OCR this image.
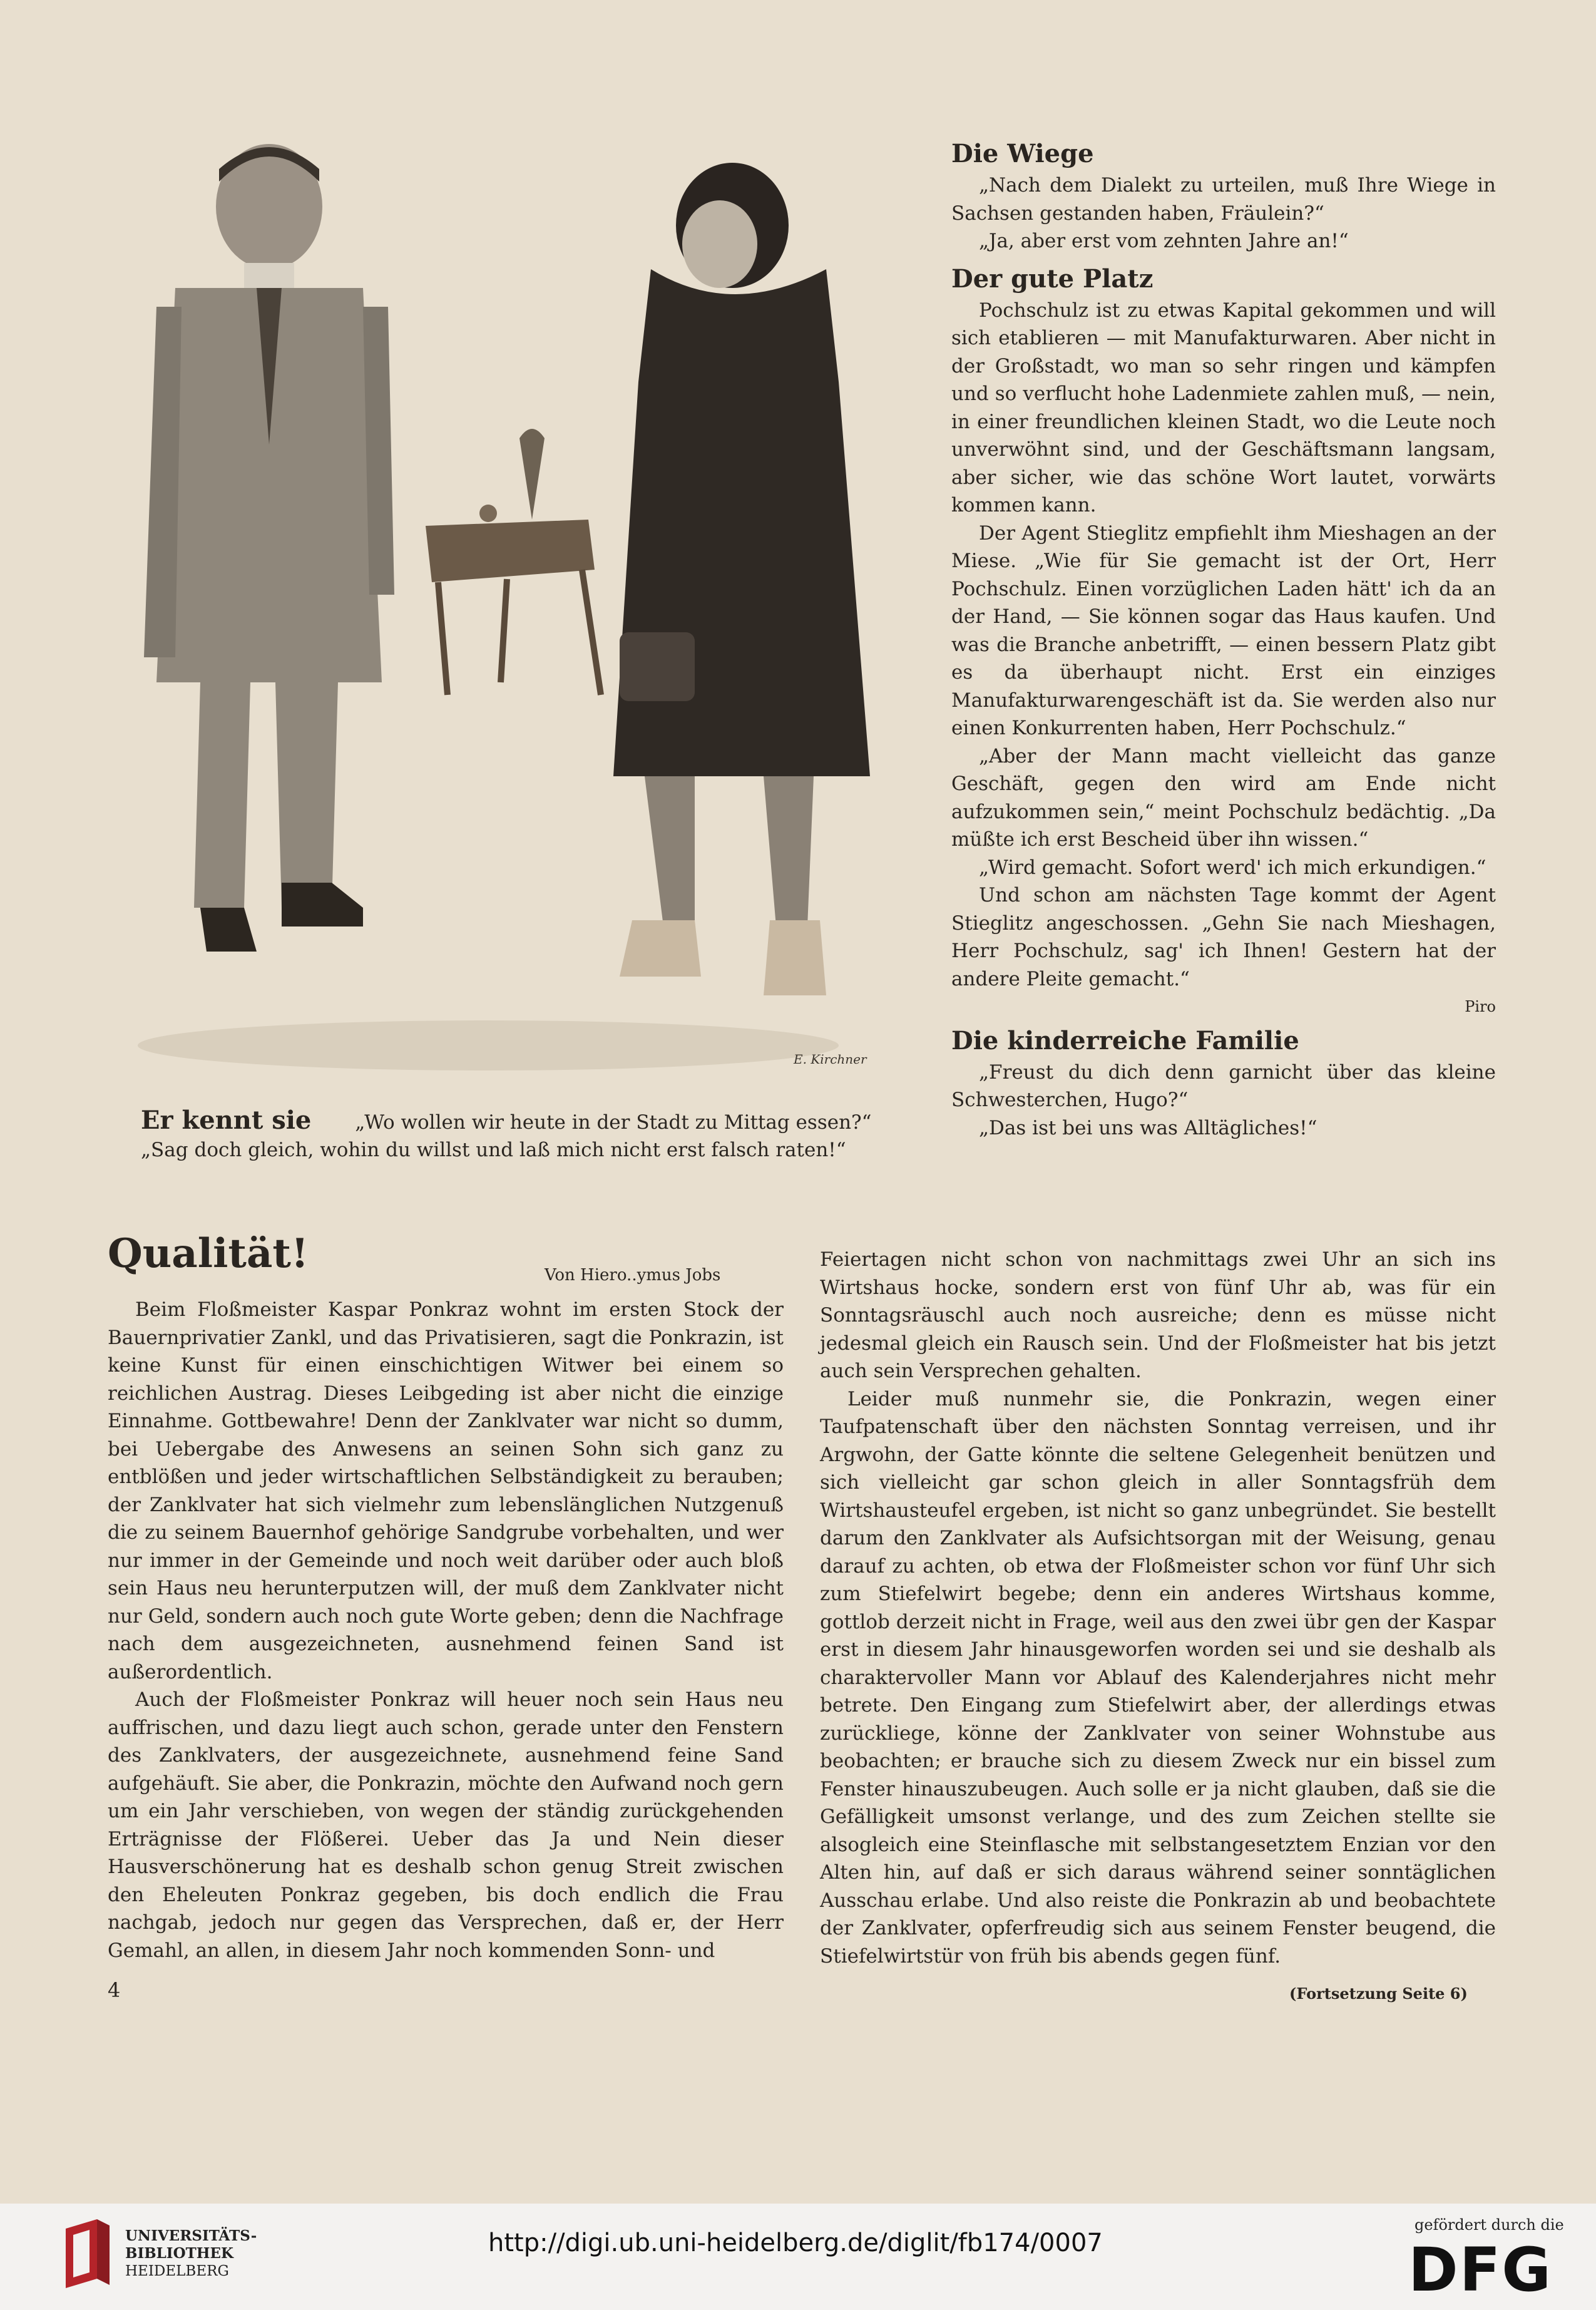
E. Kirchner
Er kennt sie „Wo wollen wir heute in der Stadt zu Mittag essen?“
„Sag doch gleich, wohin du willst und laß mich nicht erst falsch raten!“

Die Wiege

„Nach dem Dialekt zu urteilen, muß Ihre Wiege in Sachsen gestanden haben, Fräulein?“

„Ja, aber erst vom zehnten Jahre an!“

Der gute Platz

Pochschulz ist zu etwas Kapital gekommen und will sich etablieren — mit Manufakturwaren. Aber nicht in der Großstadt, wo man so sehr ringen und kämpfen und so verflucht hohe Ladenmiete zahlen muß, — nein, in einer freundlichen kleinen Stadt, wo die Leute noch unverwöhnt sind, und der Geschäftsmann langsam, aber sicher, wie das schöne Wort lautet, vorwärts kommen kann.

Der Agent Stieglitz empfiehlt ihm Mieshagen an der Miese. „Wie für Sie gemacht ist der Ort, Herr Pochschulz. Einen vorzüglichen Laden hätt' ich da an der Hand, — Sie können sogar das Haus kaufen. Und was die Branche anbetrifft, — einen bessern Platz gibt es da überhaupt nicht. Erst ein einziges Manufakturwarengeschäft ist da. Sie werden also nur einen Konkurrenten haben, Herr Pochschulz.“

„Aber der Mann macht vielleicht das ganze Geschäft, gegen den wird am Ende nicht aufzukommen sein,“ meint Pochschulz bedächtig. „Da müßte ich erst Bescheid über ihn wissen.“

„Wird gemacht. Sofort werd' ich mich erkundigen.“

Und schon am nächsten Tage kommt der Agent Stieglitz angeschossen. „Gehn Sie nach Mieshagen, Herr Pochschulz, sag' ich Ihnen! Gestern hat der andere Pleite gemacht.“

Piro

Die kinderreiche Familie

„Freust du dich denn garnicht über das kleine Schwesterchen, Hugo?“

„Das ist bei uns was Alltägliches!“

Qualität!	Von Hiero..ymus Jobs

Beim Floßmeister Kaspar Ponkraz wohnt im ersten Stock der Bauernprivatier Zankl, und das Privatisieren, sagt die Ponkrazin, ist keine Kunst für einen einschichtigen Witwer bei einem so reichlichen Austrag. Dieses Leibgeding ist aber nicht die einzige Einnahme. Gottbewahre! Denn der Zanklvater war nicht so dumm, bei Uebergabe des Anwesens an seinen Sohn sich ganz zu entblößen und jeder wirtschaftlichen Selbständigkeit zu berauben; der Zanklvater hat sich vielmehr zum lebenslänglichen Nutzgenuß die zu seinem Bauernhof gehörige Sandgrube vorbehalten, und wer nur immer in der Gemeinde und noch weit darüber oder auch bloß sein Haus neu herunterputzen will, der muß dem Zanklvater nicht nur Geld, sondern auch noch gute Worte geben; denn die Nachfrage nach dem ausgezeichneten, ausnehmend feinen Sand ist außerordentlich.

Auch der Floßmeister Ponkraz will heuer noch sein Haus neu auffrischen, und dazu liegt auch schon, gerade unter den Fenstern des Zanklvaters, der ausgezeichnete, ausnehmend feine Sand aufgehäuft. Sie aber, die Ponkrazin, möchte den Aufwand noch gern um ein Jahr verschieben, von wegen der ständig zurückgehenden Erträgnisse der Flößerei. Ueber das Ja und Nein dieser Hausverschönerung hat es deshalb schon genug Streit zwischen den Eheleuten Ponkraz gegeben, bis doch endlich die Frau nachgab, jedoch nur gegen das Versprechen, daß er, der Herr Gemahl, an allen, in diesem Jahr noch kommenden Sonn- und

Feiertagen nicht schon von nachmittags zwei Uhr an sich ins Wirtshaus hocke, sondern erst von fünf Uhr ab, was für ein Sonntagsräuschl auch noch ausreiche; denn es müsse nicht jedesmal gleich ein Rausch sein. Und der Floßmeister hat bis jetzt auch sein Versprechen gehalten.

Leider muß nunmehr sie, die Ponkrazin, wegen einer Taufpatenschaft über den nächsten Sonntag verreisen, und ihr Argwohn, der Gatte könnte die seltene Gelegenheit benützen und sich vielleicht gar schon gleich in aller Sonntagsfrüh dem Wirtshausteufel ergeben, ist nicht so ganz unbegründet. Sie bestellt darum den Zanklvater als Aufsichtsorgan mit der Weisung, genau darauf zu achten, ob etwa der Floßmeister schon vor fünf Uhr sich zum Stiefelwirt begebe; denn ein anderes Wirtshaus komme, gottlob derzeit nicht in Frage, weil aus den zwei übr gen der Kaspar erst in diesem Jahr hinausgeworfen worden sei und sie deshalb als charaktervoller Mann vor Ablauf des Kalenderjahres nicht mehr betrete. Den Eingang zum Stiefelwirt aber, der allerdings etwas zurückliege, könne der Zanklvater von seiner Wohnstube aus beobachten; er brauche sich zu diesem Zweck nur ein bissel zum Fenster hinauszubeugen. Auch solle er ja nicht glauben, daß sie die Gefälligkeit umsonst verlange, und des zum Zeichen stellte sie alsogleich eine Steinflasche mit selbstangesetztem Enzian vor den Alten hin, auf daß er sich daraus während seiner sonntäglichen Ausschau erlabe. Und also reiste die Ponkrazin ab und beobachtete der Zanklvater, opferfreudig sich aus seinem Fenster beugend, die Stiefelwirtstür von früh bis abends gegen fünf.

4	(Fortsetzung Seite 6)
UNIVERSITÄTS-
BIBLIOTHEK
HEIDELBERG
http://digi.ub.uni-heidelberg.de/diglit/fb174/0007
gefördert durch die
DFG
